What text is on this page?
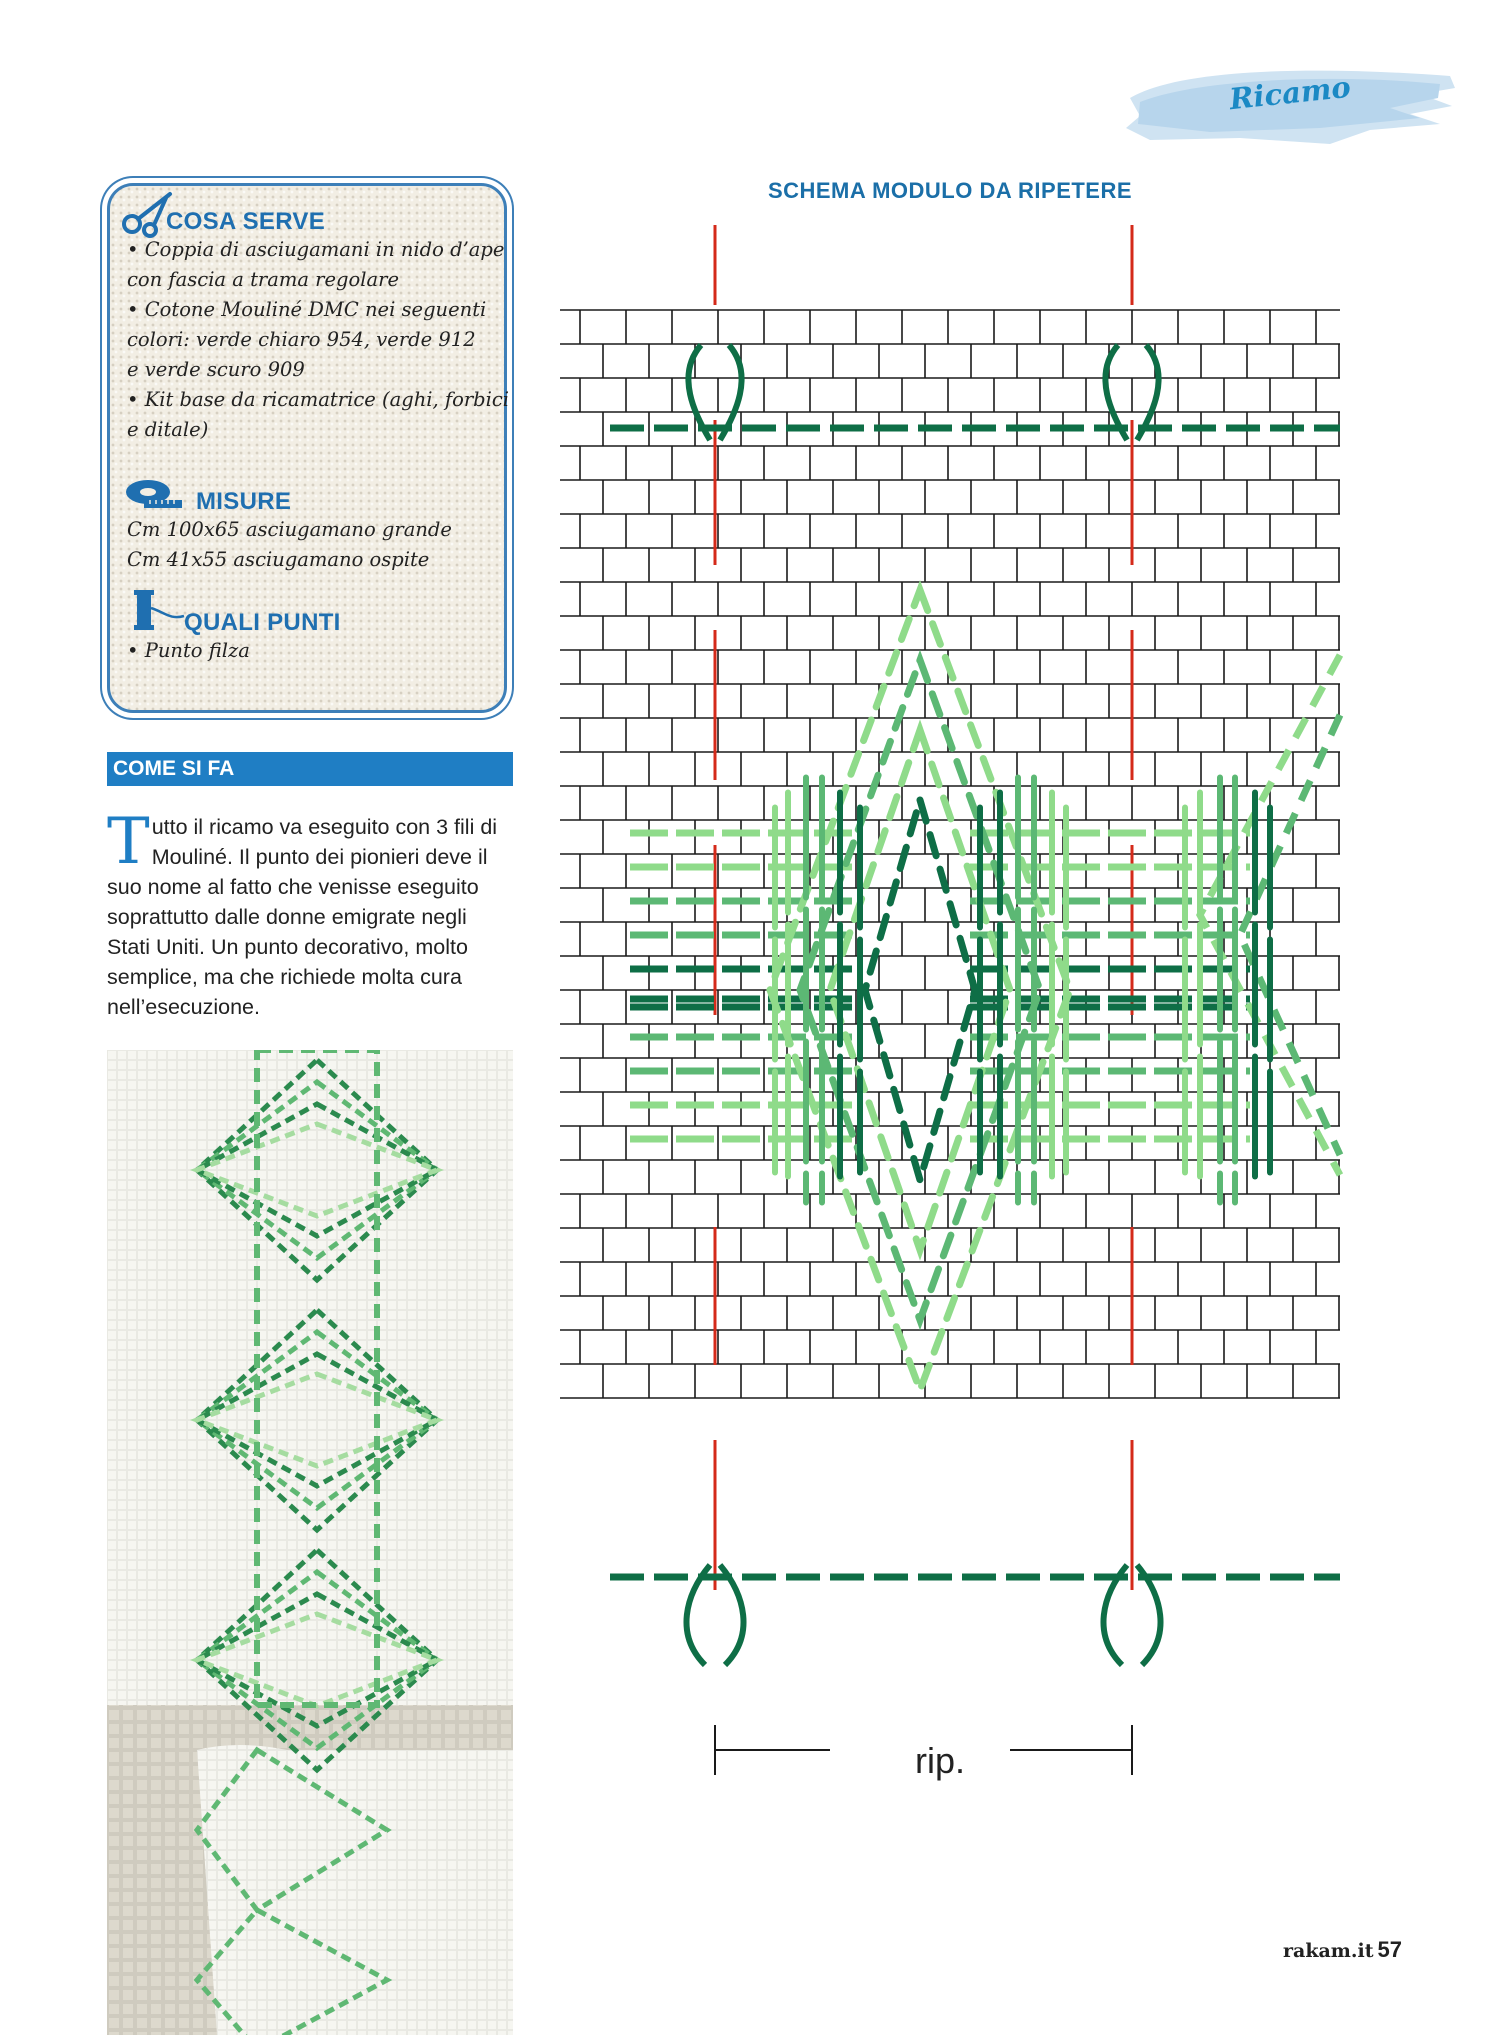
Ricamo
COSA SERVE
• Coppia di asciugamani in nido d’ape
con fascia a trama regolare
• Cotone Mouliné DMC nei seguenti
colori: verde chiaro 954, verde 912
e verde scuro 909
• Kit base da ricamatrice (aghi, forbici
e ditale)
MISURE
Cm 100x65 asciugamano grande
Cm 41x55 asciugamano ospite
QUALI PUNTI
• Punto filza
COME SI FA
T utto il ricamo va eseguito con 3 fili di
Mouliné. Il punto dei pionieri deve il
suo nome al fatto che venisse eseguito
soprattutto dalle donne emigrate negli
Stati Uniti. Un punto decorativo, molto
semplice, ma che richiede molta cura
nell’esecuzione.
SCHEMA MODULO DA RIPETERE
rip.
rakam.it 57
